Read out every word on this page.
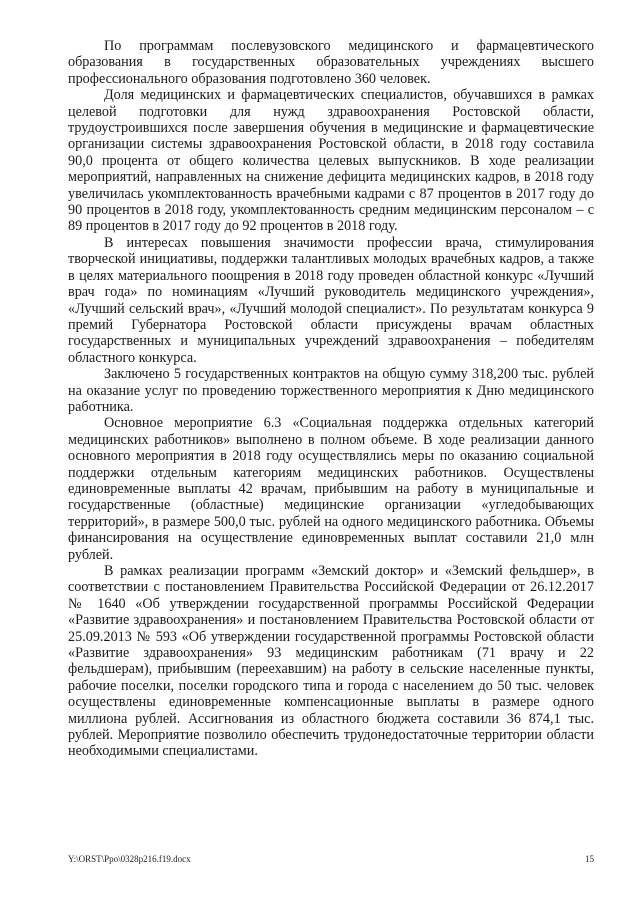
По программам послевузовского медицинского и фармацевтического образования в государственных образовательных учреждениях высшего профессионального образования подготовлено 360 человек.

Доля медицинских и фармацевтических специалистов, обучавшихся в рамках целевой подготовки для нужд здравоохранения Ростовской области, трудоустроившихся после завершения обучения в медицинские и фармацевтические организации системы здравоохранения Ростовской области, в 2018 году составила 90,0 процента от общего количества целевых выпускников. В ходе реализации мероприятий, направленных на снижение дефицита медицинских кадров, в 2018 году увеличилась укомплектованность врачебными кадрами с 87 процентов в 2017 году до 90 процентов в 2018 году, укомплектованность средним медицинским персоналом – с 89 процентов в 2017 году до 92 процентов в 2018 году.

В интересах повышения значимости профессии врача, стимулирования творческой инициативы, поддержки талантливых молодых врачебных кадров, а также в целях материального поощрения в 2018 году проведен областной конкурс «Лучший врач года» по номинациям «Лучший руководитель медицинского учреждения», «Лучший сельский врач», «Лучший молодой специалист». По результатам конкурса 9 премий Губернатора Ростовской области присуждены врачам областных государственных и муниципальных учреждений здравоохранения – победителям областного конкурса.

Заключено 5 государственных контрактов на общую сумму 318,200 тыс. рублей на оказание услуг по проведению торжественного мероприятия к Дню медицинского работника.

Основное мероприятие 6.3 «Социальная поддержка отдельных категорий медицинских работников» выполнено в полном объеме. В ходе реализации данного основного мероприятия в 2018 году осуществлялись меры по оказанию социальной поддержки отдельным категориям медицинских работников. Осуществлены единовременные выплаты 42 врачам, прибывшим на работу в муниципальные и государственные (областные) медицинские организации «угледобывающих территорий», в размере 500,0 тыс. рублей на одного медицинского работника. Объемы финансирования на осуществление единовременных выплат составили 21,0 млн рублей.

В рамках реализации программ «Земский доктор» и «Земский фельдшер», в соответствии с постановлением Правительства Российской Федерации от 26.12.2017 № 1640 «Об утверждении государственной программы Российской Федерации «Развитие здравоохранения» и постановлением Правительства Ростовской области от 25.09.2013 № 593 «Об утверждении государственной программы Ростовской области «Развитие здравоохранения» 93 медицинским работникам (71 врачу и 22 фельдшерам), прибывшим (переехавшим) на работу в сельские населенные пункты, рабочие поселки, поселки городского типа и города с населением до 50 тыс. человек осуществлены единовременные компенсационные выплаты в размере одного миллиона рублей. Ассигнования из областного бюджета составили 36 874,1 тыс. рублей. Мероприятие позволило обеспечить трудонедостаточные территории области необходимыми специалистами.

Y:\ORST\Ppo\0328p216.f19.docx	15
